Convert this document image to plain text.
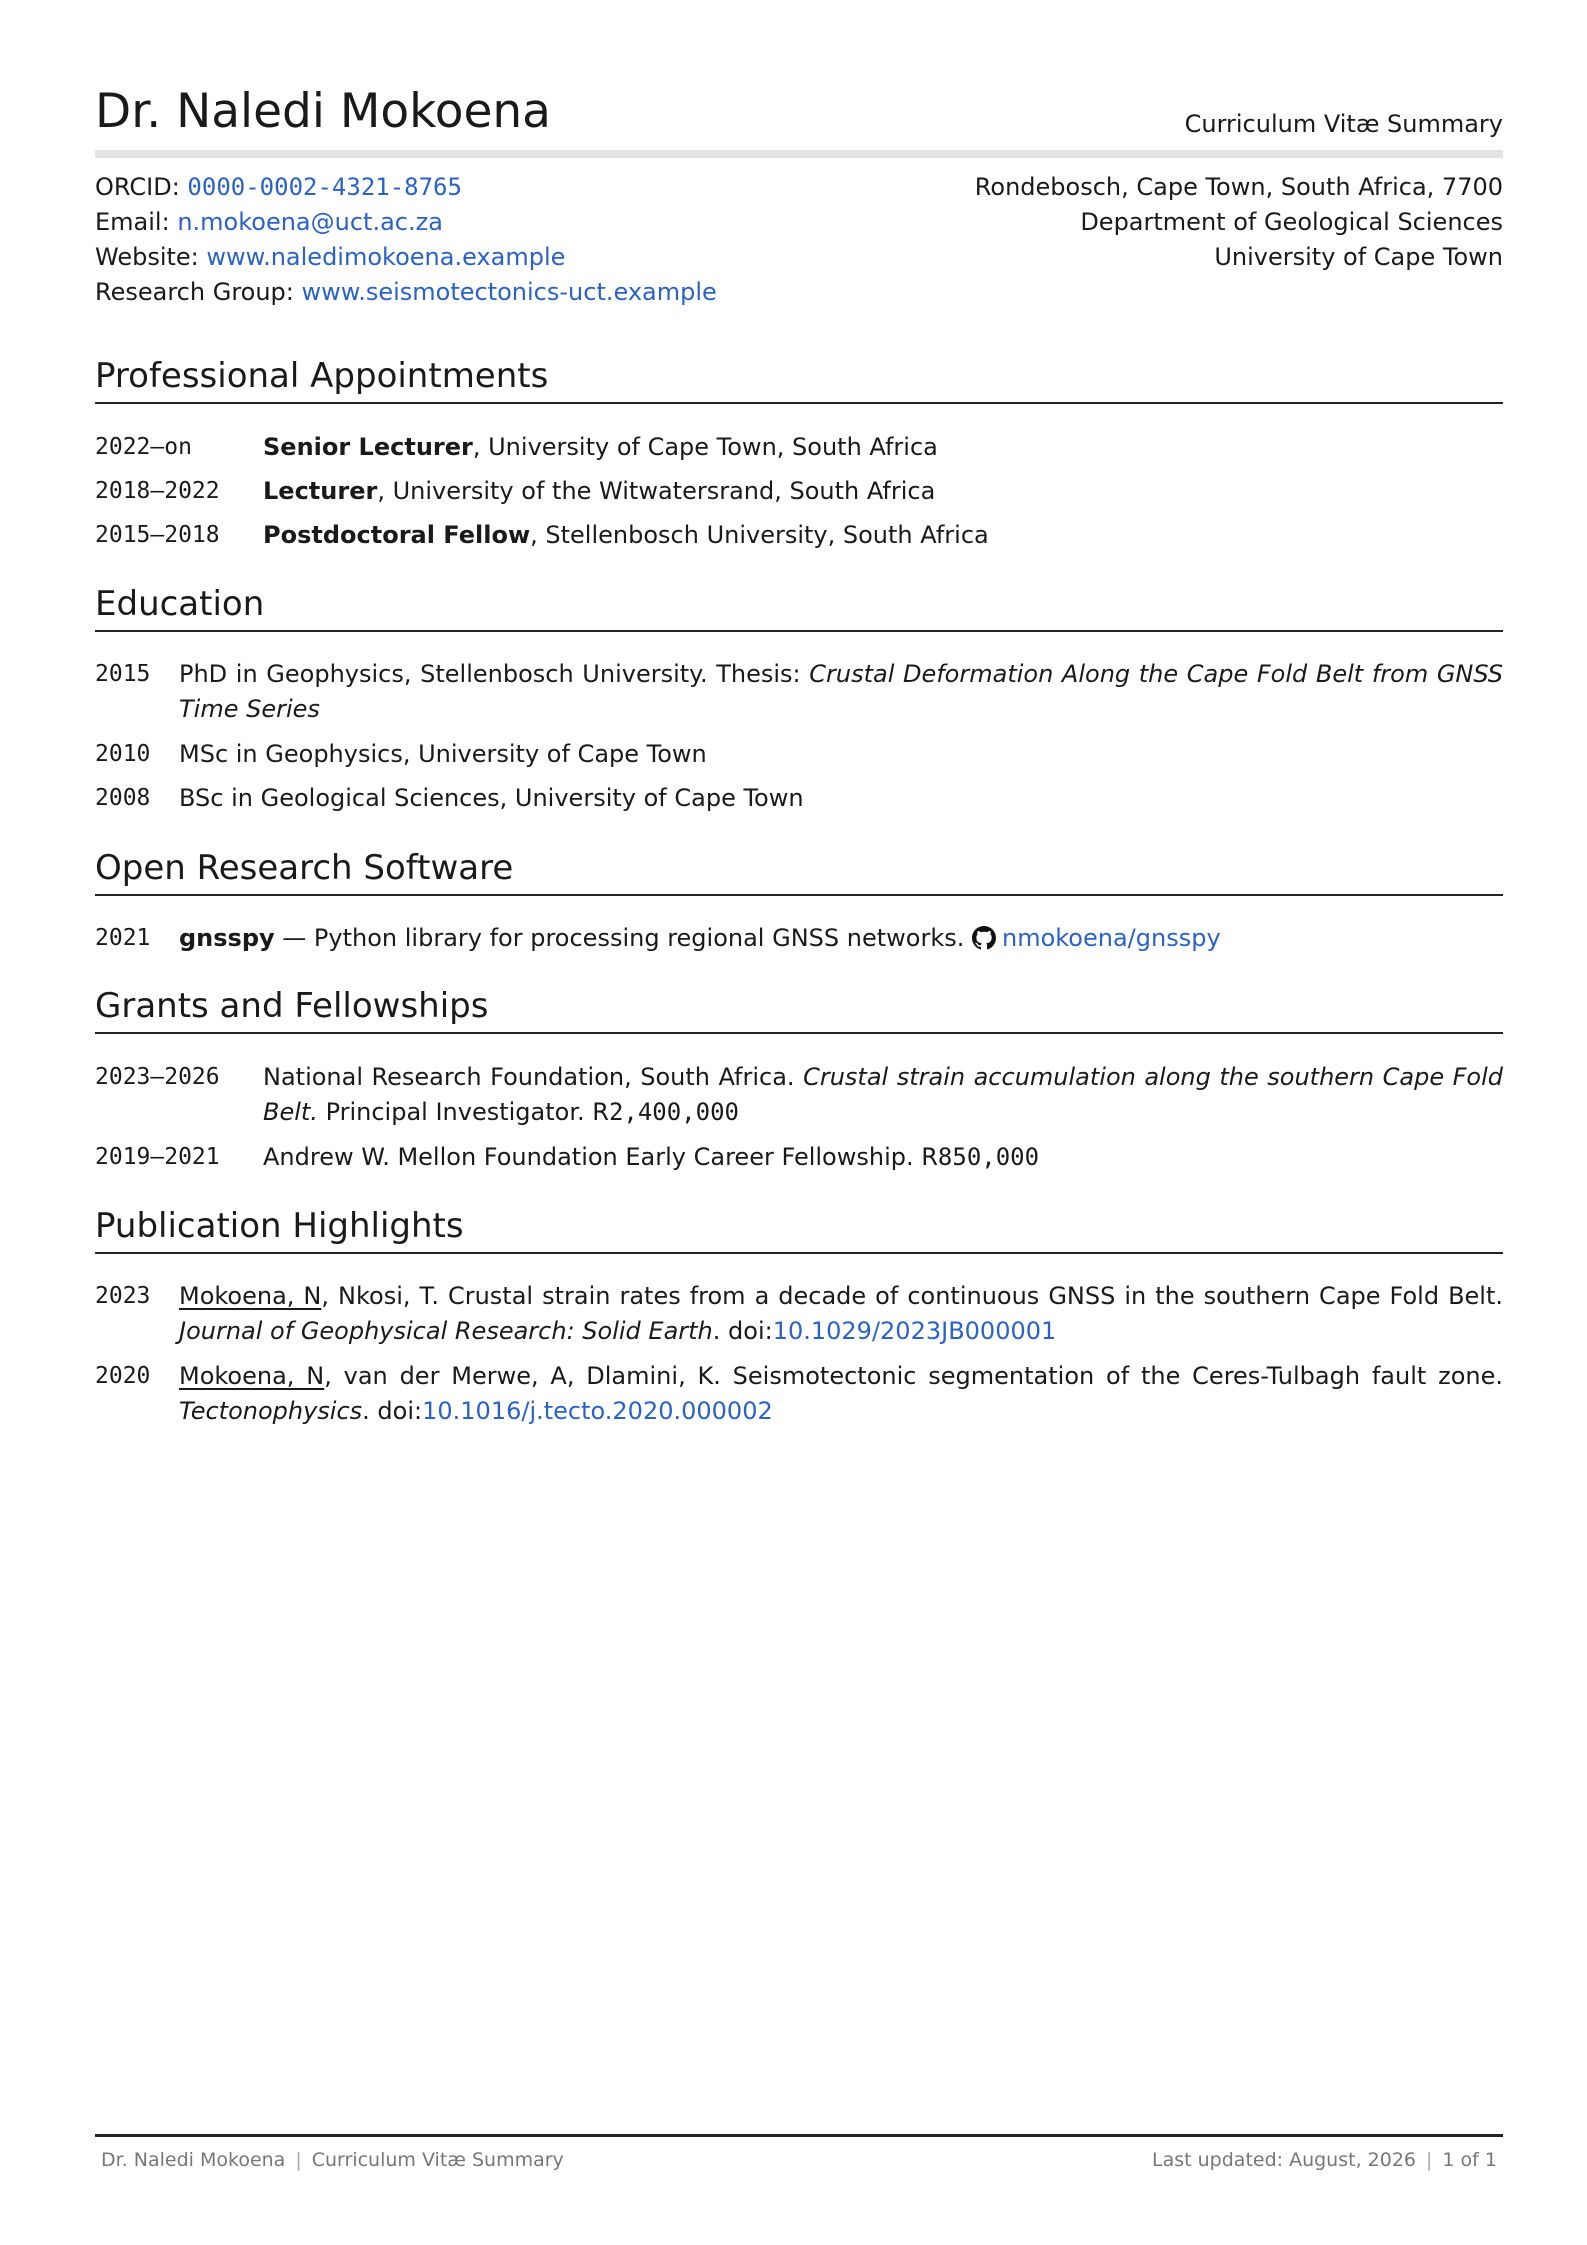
Dr. Naledi Mokoena	Curriculum Vitæ Summary
ORCID: 0000-0002-4321-8765
Email: n.mokoena@uct.ac.za
Website: www.naledimokoena.example
Research Group: www.seismotectonics-uct.example
Rondebosch, Cape Town, South Africa, 7700
Department of Geological Sciences
University of Cape Town
Professional Appointments
2022–on	Senior Lecturer, University of Cape Town, South Africa
2018–2022 Lecturer, University of the Witwatersrand, South Africa
2015–2018 Postdoctoral Fellow, Stellenbosch University, South Africa
Education
2015 PhD in Geophysics, Stellenbosch University. Thesis: Crustal Deformation Along the Cape Fold Belt from GNSS Time Series
2010 MSc in Geophysics, University of Cape Town
2008 BSc in Geological Sciences, University of Cape Town
Open Research Software
2021 gnsspy — Python library for processing regional GNSS networks. nmokoena/gnsspy
Grants and Fellowships
2023–2026 National Research Foundation, South Africa. Crustal strain accumulation along the southern Cape Fold Belt. Principal Investigator. R2,400,000
2019–2021 Andrew W. Mellon Foundation Early Career Fellowship. R850,000
Publication Highlights
2023 Mokoena, N, Nkosi, T. Crustal strain rates from a decade of continuous GNSS in the southern Cape Fold Belt. Journal of Geophysical Research: Solid Earth. doi:10.1029/2023JB000001
2020 Mokoena, N, van der Merwe, A, Dlamini, K. Seismotectonic segmentation of the Ceres-Tulbagh fault zone. Tectonophysics. doi:10.1016/j.tecto.2020.000002
Dr. Naledi Mokoena | Curriculum Vitæ Summary	Last updated: August, 2026 | 1 of 1
